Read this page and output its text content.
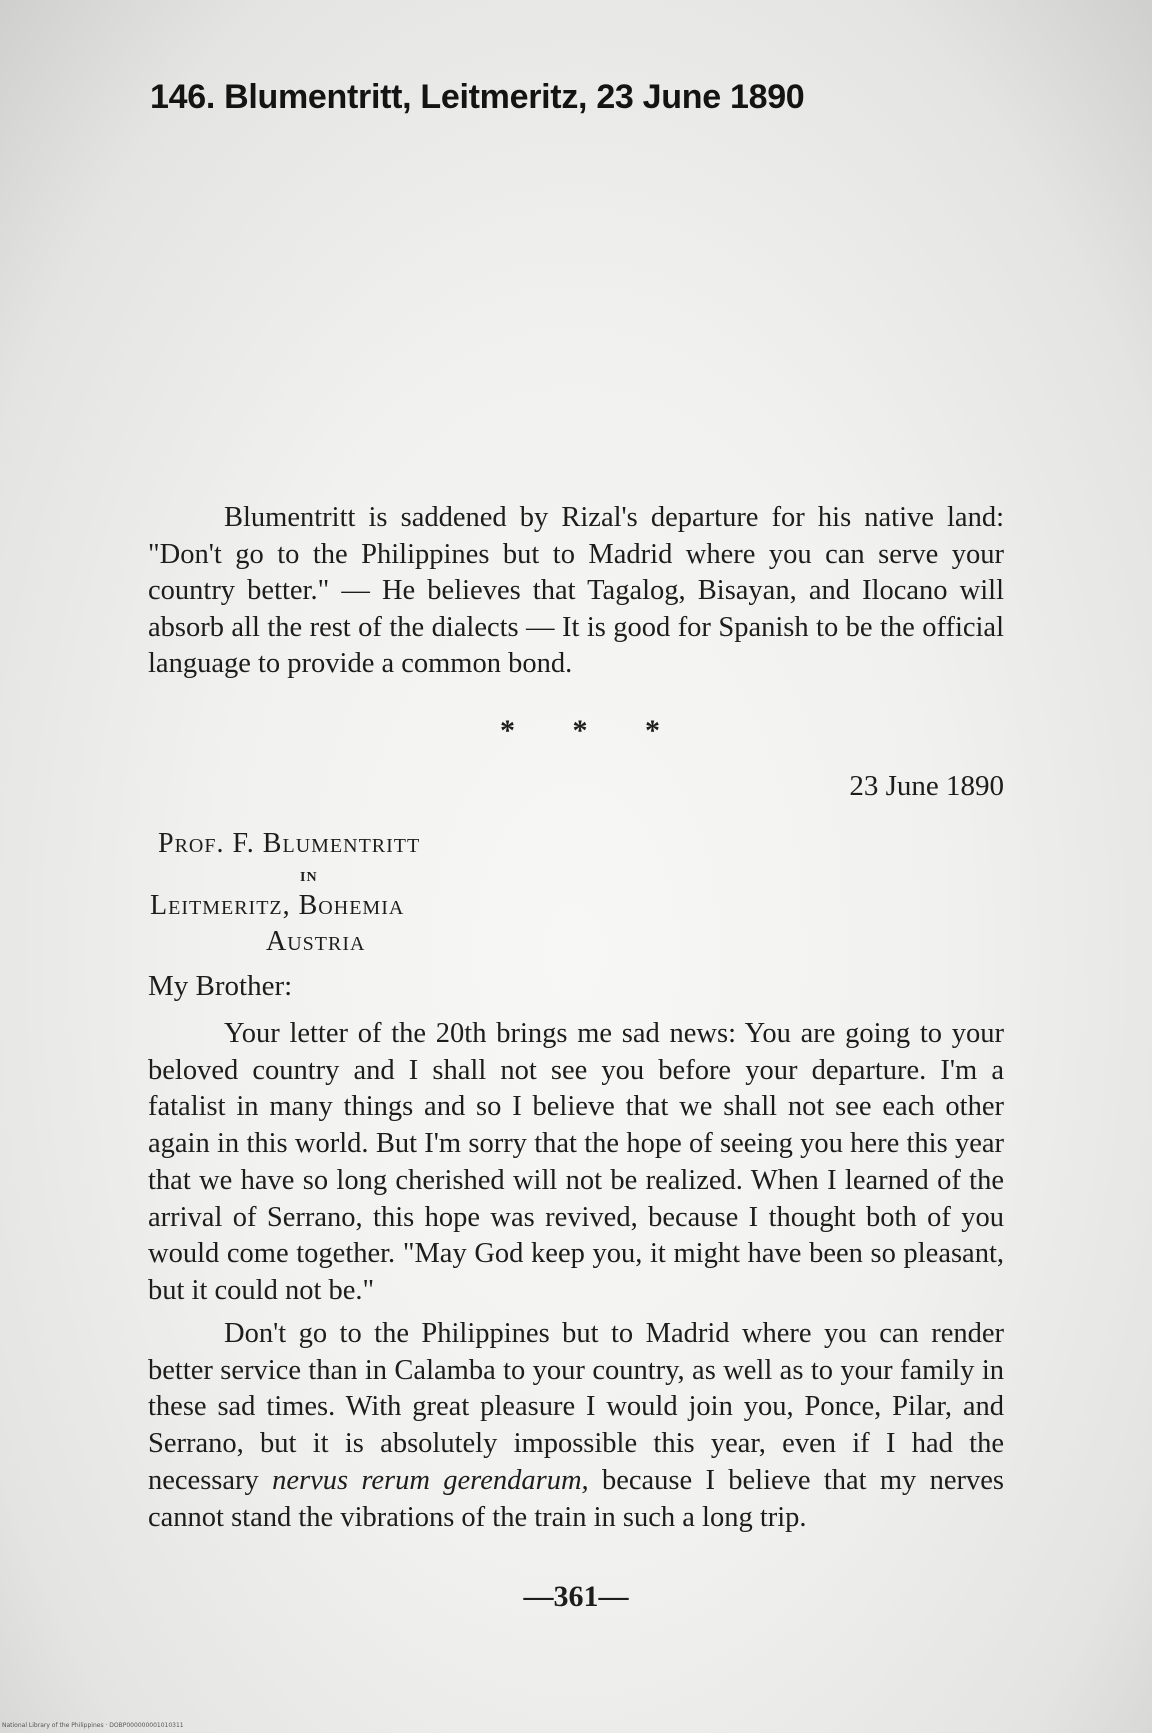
146. Blumentritt, Leitmeritz, 23 June 1890

Blumentritt is saddened by Rizal's departure for his native land: "Don't go to the Philippines but to Madrid where you can serve your country better." — He believes that Tagalog, Bisayan, and Ilocano will absorb all the rest of the dialects — It is good for Spanish to be the official language to provide a common bond.

* * *

23 June 1890

Prof. F. Blumentritt

in

Leitmeritz, Bohemia

Austria

My Brother:

Your letter of the 20th brings me sad news: You are going to your beloved country and I shall not see you before your departure. I'm a fatalist in many things and so I believe that we shall not see each other again in this world. But I'm sorry that the hope of seeing you here this year that we have so long cherished will not be realized. When I learned of the arrival of Serrano, this hope was revived, because I thought both of you would come together. "May God keep you, it might have been so pleasant, but it could not be."

Don't go to the Philippines but to Madrid where you can render better service than in Calamba to your country, as well as to your family in these sad times. With great pleasure I would join you, Ponce, Pilar, and Serrano, but it is absolutely impossible this year, even if I had the necessary nervus rerum gerendarum, because I believe that my nerves cannot stand the vibrations of the train in such a long trip.

—361—

National Library of the Philippines · DOBP000000001010311
